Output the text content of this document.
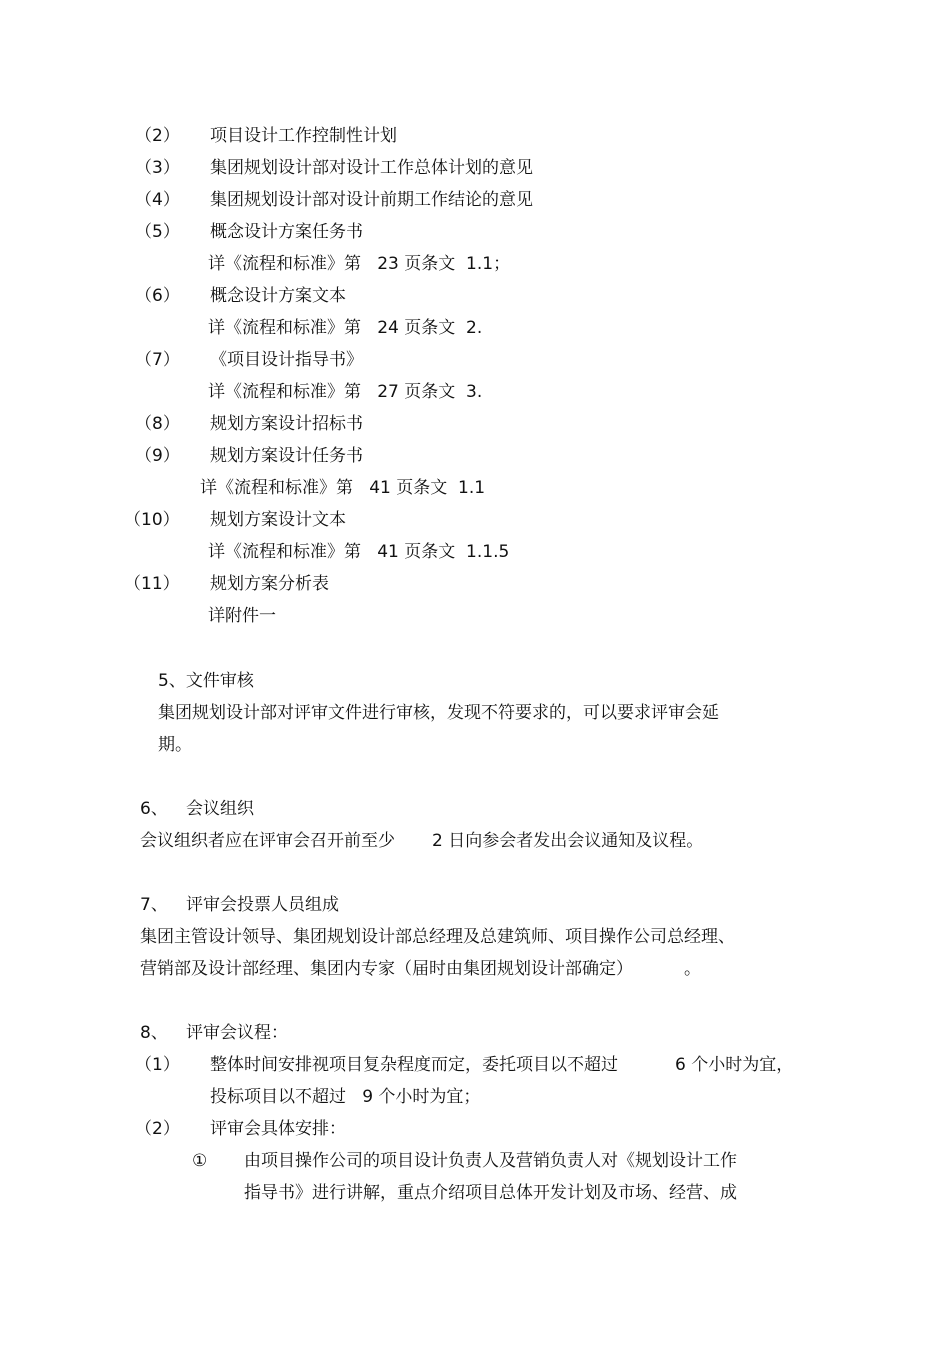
（2） 项目设计工作控制性计划
（3） 集团规划设计部对设计工作总体计划的意见
（4） 集团规划设计部对设计前期工作结论的意见
（5） 概念设计方案任务书
详《流程和标准》第   23 页条文  1.1；
（6） 概念设计方案文本
详《流程和标准》第   24 页条文  2.
（7） 《项目设计指导书》
详《流程和标准》第   27 页条文  3.
（8） 规划方案设计招标书
（9） 规划方案设计任务书
详《流程和标准》第   41 页条文  1.1
（10） 规划方案设计文本
详《流程和标准》第   41 页条文  1.1.5
（11） 规划方案分析表
详附件一
5、文件审核
集团规划设计部对评审文件进行审核，发现不符要求的，可以要求评审会延
期。
6、 会议组织
会议组织者应在评审会召开前至少 2 日向参会者发出会议通知及议程。
7、 评审会投票人员组成
集团主管设计领导、集团规划设计部总经理及总建筑师、项目操作公司总经理、
营销部及设计部经理、集团内专家（届时由集团规划设计部确定）	。
8、 评审会议程：
（1） 整体时间安排视项目复杂程度而定，委托项目以不超过	6 个小时为宜，
投标项目以不超过   9 个小时为宜；
（2） 评审会具体安排：
① 由项目操作公司的项目设计负责人及营销负责人对《规划设计工作
指导书》进行讲解，重点介绍项目总体开发计划及市场、经营、成
